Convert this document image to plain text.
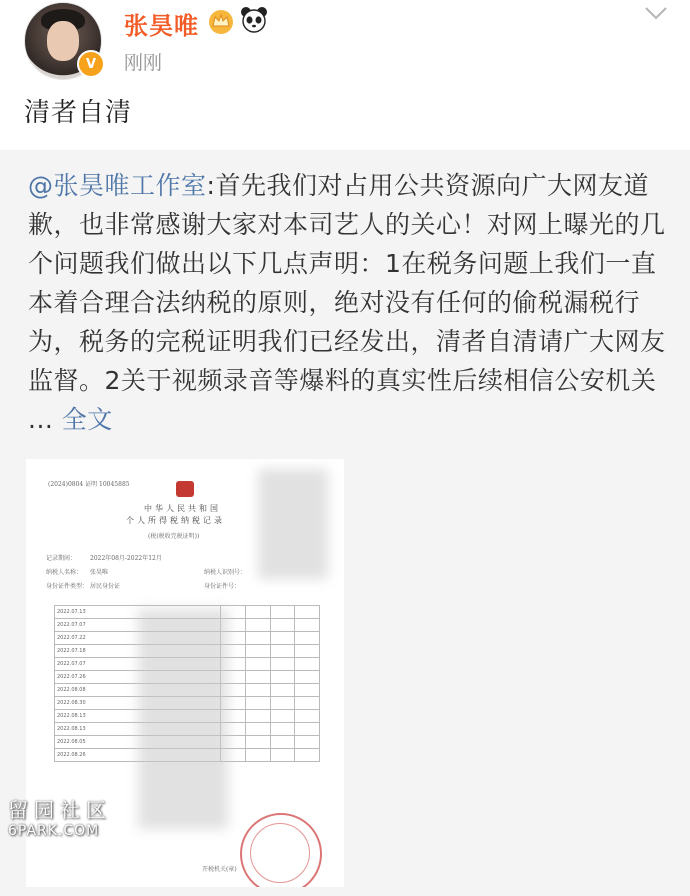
V
张昊唯
刚刚
清者自清
@张昊唯工作室:首先我们对占用公共资源向广大网友道歉，也非常感谢大家对本司艺人的关心！对网上曝光的几个问题我们做出以下几点声明：1在税务问题上我们一直本着合理合法纳税的原则，绝对没有任何的偷税漏税行为，税务的完税证明我们已经发出，清者自清请广大网友监督。2关于视频录音等爆料的真实性后续相信公安机关 ... 全文
(2024)0804 证明 10045885
中华人民共和国
个人所得税纳税记录
(税(税收完税证明))
记录期间： 2022年08月-2022年12月
纳税人名称： 张昊唯	纳税人识别号：
身份证件类型： 居民身份证	身份证件号：
2022.07.13				
2022.07.07				
2022.07.22				
2022.07.18				
2022.07.07				
2022.07.26				
2022.08.08				
2022.08.30				
2022.08.13				
2022.08.13				
2022.08.05				
2022.08.26				
开税机关(章)
留园社区
6PARK.COM
